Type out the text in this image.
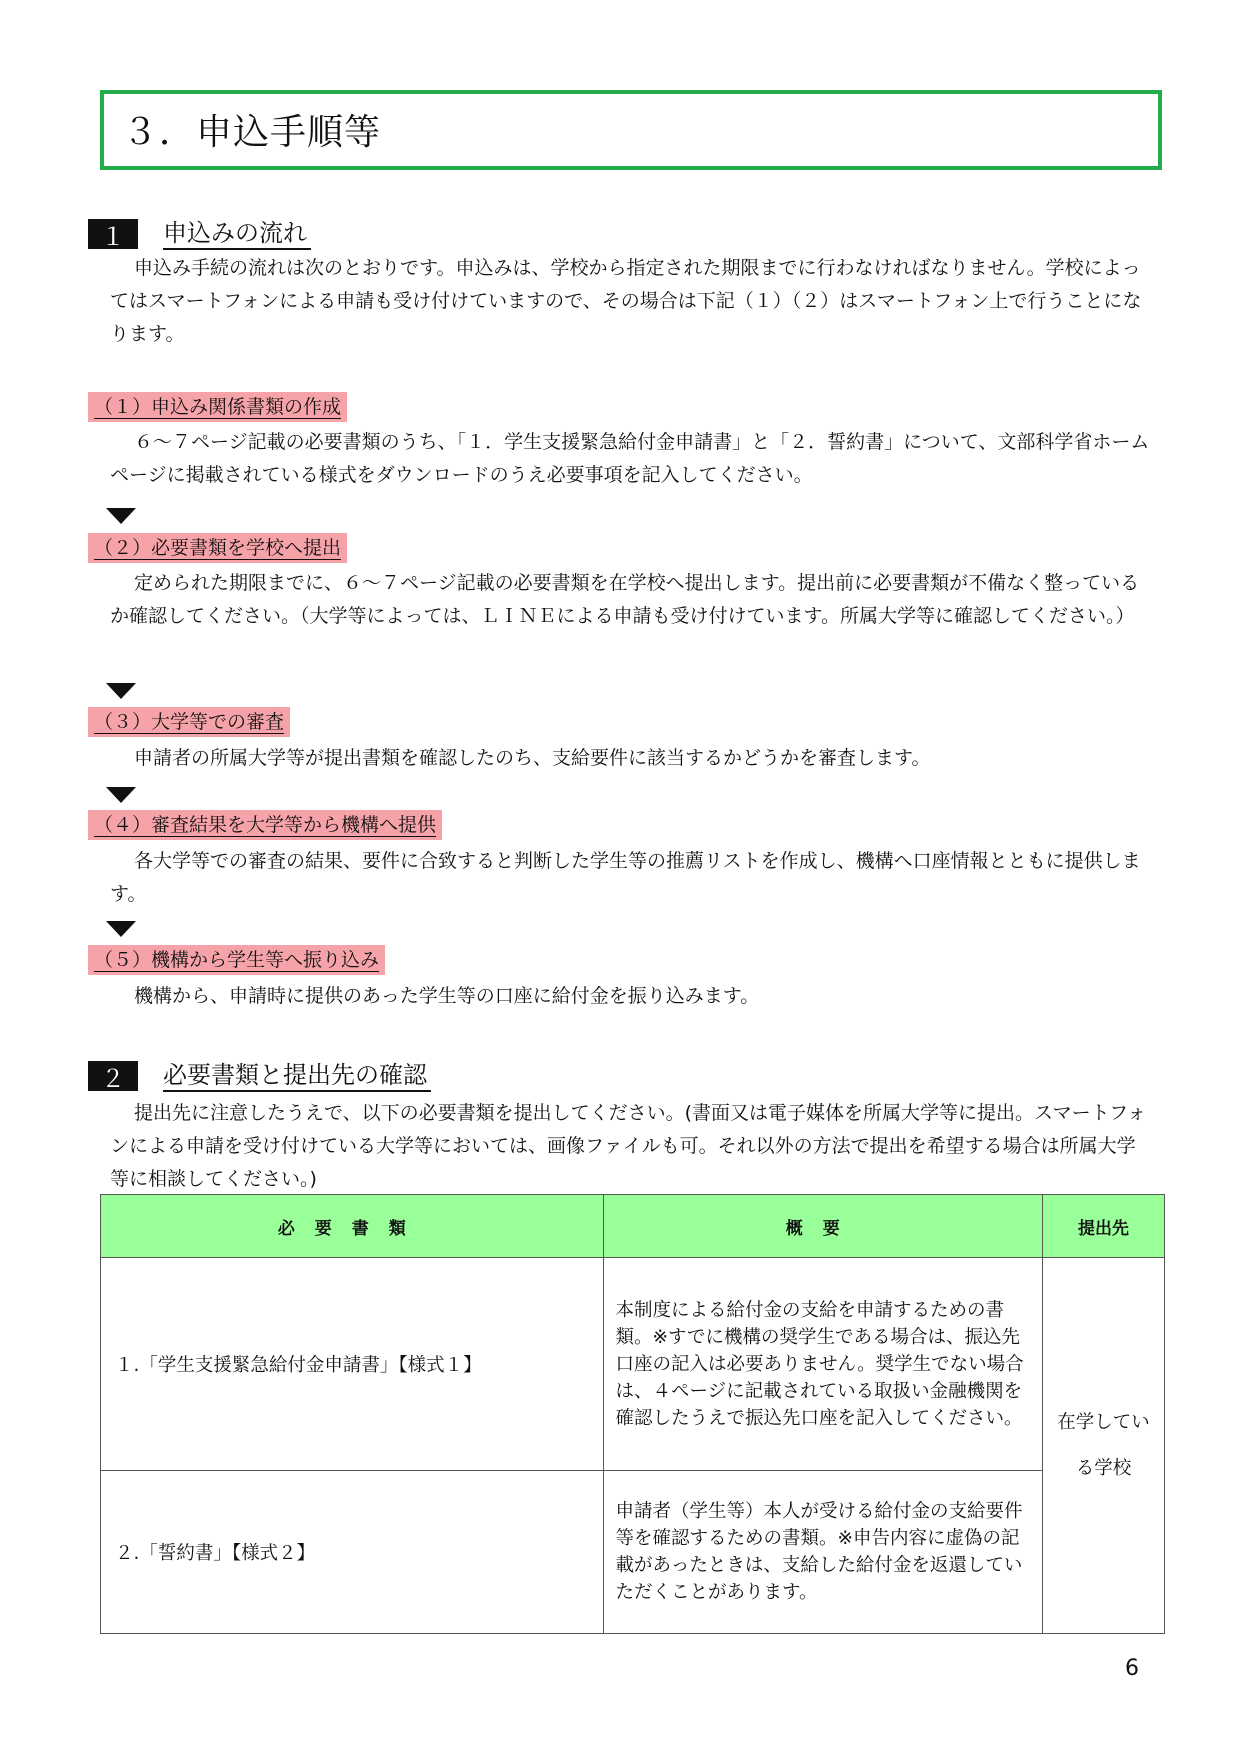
３．申込手順等
１	申込みの流れ

申込み手続の流れは次のとおりです。申込みは、学校から指定された期限までに行わなければなりません。学校によってはスマートフォンによる申請も受け付けていますので、その場合は下記（１）（２）はスマートフォン上で行うことになります。

（１）申込み関係書類の作成

６〜７ページ記載の必要書類のうち、「１．学生支援緊急給付金申請書」と「２．誓約書」について、文部科学省ホームページに掲載されている様式をダウンロードのうえ必要事項を記入してください。

（２）必要書類を学校へ提出

定められた期限までに、６〜７ページ記載の必要書類を在学校へ提出します。提出前に必要書類が不備なく整っているか確認してください。（大学等によっては、ＬＩＮＥによる申請も受け付けています。所属大学等に確認してください。）

（３）大学等での審査

申請者の所属大学等が提出書類を確認したのち、支給要件に該当するかどうかを審査します。

（４）審査結果を大学等から機構へ提供

各大学等での審査の結果、要件に合致すると判断した学生等の推薦リストを作成し、機構へ口座情報とともに提供します。

（５）機構から学生等へ振り込み

機構から、申請時に提供のあった学生等の口座に給付金を振り込みます。

２	必要書類と提出先の確認

提出先に注意したうえで、以下の必要書類を提出してください。(書面又は電子媒体を所属大学等に提出。スマートフォンによる申請を受け付けている大学等においては、画像ファイルも可。それ以外の方法で提出を希望する場合は所属大学等に相談してください。)

必要書類	概要	提出先
１.「学生支援緊急給付金申請書」【様式１】	本制度による給付金の支給を申請するための書類。※すでに機構の奨学生である場合は、振込先口座の記入は必要ありません。奨学生でない場合は、４ページに記載されている取扱い金融機関を確認したうえで振込先口座を記入してください。	在学している学校
２.「誓約書」【様式２】	申請者（学生等）本人が受ける給付金の支給要件等を確認するための書類。※申告内容に虚偽の記載があったときは、支給した給付金を返還していただくことがあります。	
6
